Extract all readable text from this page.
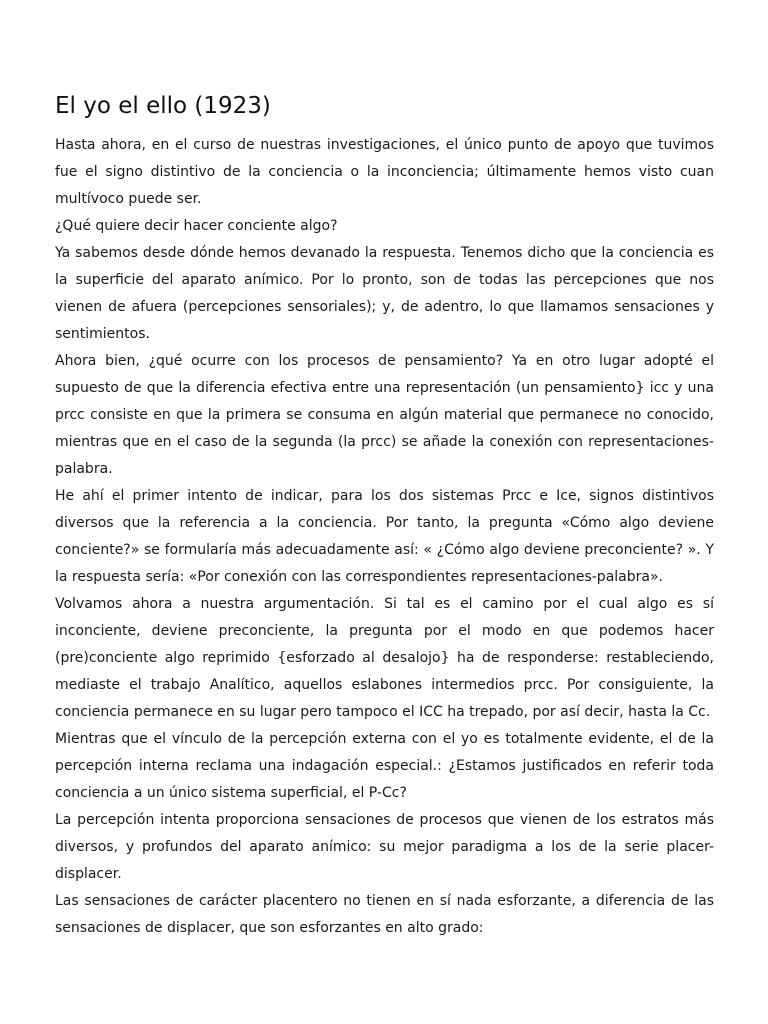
El yo el ello (1923)

Hasta ahora, en el curso de nuestras investigaciones, el único punto de apoyo que tuvimos fue el signo distintivo de la conciencia o la inconciencia; últimamente hemos visto cuan multívoco puede ser.

¿Qué quiere decir hacer conciente algo?

Ya sabemos desde dónde hemos devanado la respuesta. Tenemos dicho que la conciencia es la superficie del aparato anímico. Por lo pronto, son de todas las percepciones que nos vienen de afuera (percepciones sensoriales); y, de adentro, lo que llamamos sensaciones y sentimientos.

Ahora bien, ¿qué ocurre con los procesos de pensamiento? Ya en otro lugar adopté el supuesto de que la diferencia efectiva entre una representación (un pensamiento} icc y una prcc consiste en que la primera se consuma en algún material que permanece no conocido, mientras que en el caso de la segunda (la prcc) se añade la conexión con representaciones-palabra.

He ahí el primer intento de indicar, para los dos sistemas Prcc e Ice, signos distintivos diversos que la referencia a la conciencia. Por tanto, la pregunta «Cómo algo deviene conciente?» se formularía más adecuadamente así: « ¿Cómo algo deviene preconciente? ». Y la respuesta sería: «Por conexión con las correspondientes representaciones-palabra».

Volvamos ahora a nuestra argumentación. Si tal es el camino por el cual algo es sí inconciente, deviene preconciente, la pregunta por el modo en que podemos hacer (pre)conciente algo reprimido {esforzado al desalojo} ha de responderse: restableciendo, mediaste el trabajo Analítico, aquellos eslabones intermedios prcc. Por consiguiente, la conciencia permanece en su lugar pero tampoco el ICC ha trepado, por así decir, hasta la Cc.

Mientras que el vínculo de la percepción externa con el yo es totalmente evidente, el de la percepción interna reclama una indagación especial.: ¿Estamos justificados en referir toda conciencia a un único sistema superficial, el P-Cc?

La percepción intenta proporciona sensaciones de procesos que vienen de los estratos más diversos, y profundos del aparato anímico: su mejor paradigma a los de la serie placer-displacer.

Las sensaciones de carácter placentero no tienen en sí nada esforzante, a diferencia de las sensaciones de displacer, que son esforzantes en alto grado:
